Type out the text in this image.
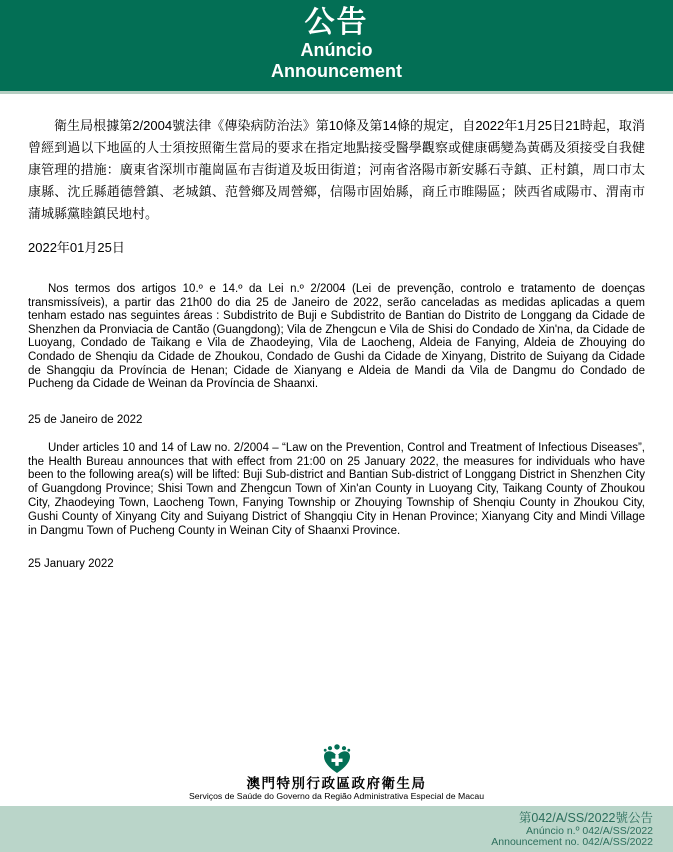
公告
Anúncio
Announcement

衛生局根據第2/2004號法律《傳染病防治法》第10條及第14條的規定，自2022年1月25日21時起，取消曾經到過以下地區的人士須按照衛生當局的要求在指定地點接受醫學觀察或健康碼變為黃碼及須接受自我健康管理的措施：廣東省深圳市龍崗區布吉街道及坂田街道；河南省洛陽市新安縣石寺鎮、正村鎮，周口市太康縣、沈丘縣趙德營鎮、老城鎮、范營鄉及周營鄉，信陽市固始縣，商丘市睢陽區；陝西省咸陽市、渭南市蒲城縣黨睦鎮民地村。

2022年01月25日

Nos termos dos artigos 10.º e 14.º da Lei n.º 2/2004 (Lei de prevenção, controlo e tratamento de doenças transmissíveis), a partir das 21h00 do dia 25 de Janeiro de 2022, serão canceladas as medidas aplicadas a quem tenham estado nas seguintes áreas : Subdistrito de Buji e Subdistrito de Bantian do Distrito de Longgang da Cidade de Shenzhen da Pronviacia de Cantão (Guangdong); Vila de Zhengcun e Vila de Shisi do Condado de Xin'na, da Cidade de Luoyang, Condado de Taikang e Vila de Zhaodeying, Vila de Laocheng, Aldeia de Fanying, Aldeia de Zhouying do Condado de Shenqiu da Cidade de Zhoukou, Condado de Gushi da Cidade de Xinyang, Distrito de Suiyang da Cidade de Shangqiu da Província de Henan; Cidade de Xianyang e Aldeia de Mandi da Vila de Dangmu do Condado de Pucheng da Cidade de Weinan da Província de Shaanxi.

25 de Janeiro de 2022

Under articles 10 and 14 of Law no. 2/2004 – “Law on the Prevention, Control and Treatment of Infectious Diseases”, the Health Bureau announces that with effect from 21:00 on 25 January 2022, the measures for individuals who have been to the following area(s) will be lifted: Buji Sub-district and Bantian Sub-district of Longgang District in Shenzhen City of Guangdong Province; Shisi Town and Zhengcun Town of Xin'an County in Luoyang City, Taikang County of Zhoukou City, Zhaodeying Town, Laocheng Town, Fanying Township or Zhouying Township of Shenqiu County in Zhoukou City, Gushi County of Xinyang City and Suiyang District of Shangqiu City in Henan Province; Xianyang City and Mindi Village in Dangmu Town of Pucheng County in Weinan City of Shaanxi Province.

25 January 2022
澳門特別行政區政府衛生局
Serviços de Saúde do Governo da Região Administrativa Especial de Macau
第042/A/SS/2022號公告
Anúncio n.º 042/A/SS/2022
Announcement no. 042/A/SS/2022
